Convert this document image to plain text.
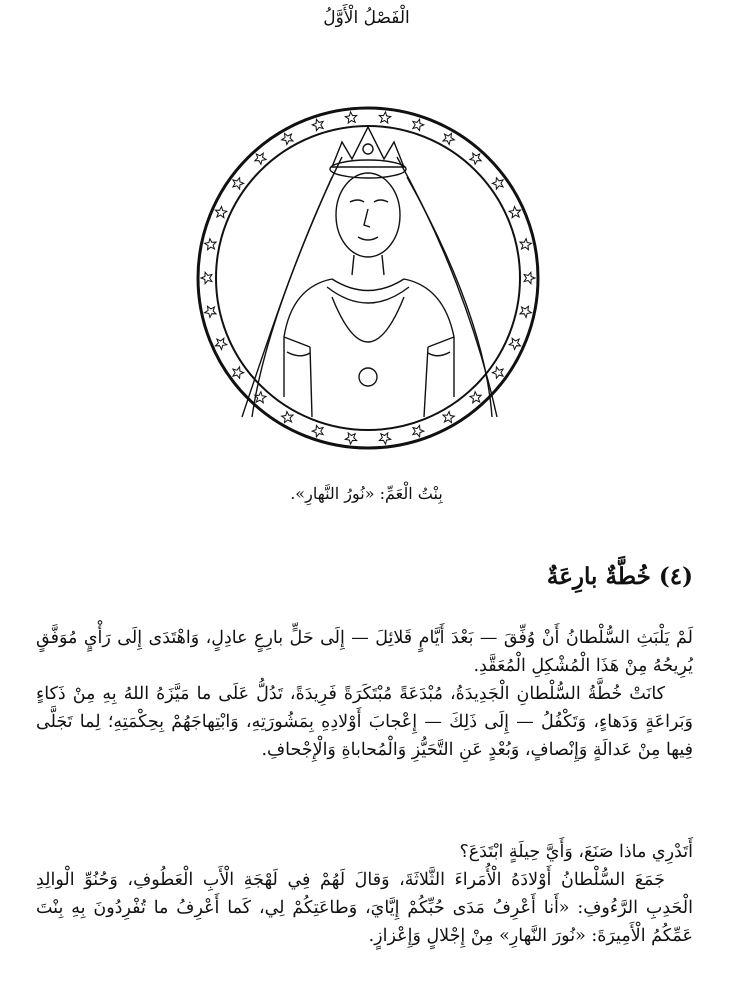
الْفَصْلُ الْأَوَّلُ
بِنْتُ الْعَمِّ: «نُورُ النَّهارِ».
(٤) خُطَّةٌ بارِعَةٌ

لَمْ يَلْبَثِ السُّلْطانُ أَنْ وُفِّقَ — بَعْدَ أَيَّامٍ قَلائِلَ — إِلَى حَلٍّ بارِعٍ عادِلٍ، وَاهْتَدَى إِلَى رَأْيٍ مُوَفَّقٍ يُرِيحُهُ مِنْ هَذَا الْمُشْكِلِ الْمُعَقَّدِ.

كانَتْ خُطَّةُ السُّلْطانِ الْجَدِيدَةُ، مُبْدَعَةً مُبْتَكَرَةً فَرِيدَةً، تَدُلُّ عَلَى ما مَيَّزَهُ اللهُ بِهِ مِنْ ذَكاءٍ وَبَراعَةٍ وَدَهاءٍ، وَتَكْفُلُ — إِلَى ذَلِكَ — إِعْجابَ أَوْلادِهِ بِمَشُورَتِهِ، وَابْتِهاجَهُمْ بِحِكْمَتِهِ؛ لِما تَجَلَّى فِيها مِنْ عَدالَةٍ وَإِنْصافٍ، وَبُعْدٍ عَنِ التَّحَيُّزِ وَالْمُحاباةِ وَالْإِجْحافِ.

أَتَدْرِي ماذا صَنَعَ، وَأَيَّ حِيلَةٍ ابْتَدَعَ؟

جَمَعَ السُّلْطانُ أَوْلادَهُ الْأُمَراءَ الثَّلاثَةَ، وَقالَ لَهُمْ فِي لَهْجَةِ الْأَبِ الْعَطُوفِ، وَحُنُوِّ الْوالِدِ الْحَدِبِ الرَّءُوفِ: «أَنا أَعْرِفُ مَدَى حُبِّكُمْ إِيَّايَ، وَطاعَتِكُمْ لِي، كَما أَعْرِفُ ما تُفْرِدُونَ بِهِ بِنْتَ عَمِّكُمُ الْأَمِيرَةَ: «نُورَ النَّهارِ» مِنْ إِجْلالٍ وَإِعْزازٍ.
